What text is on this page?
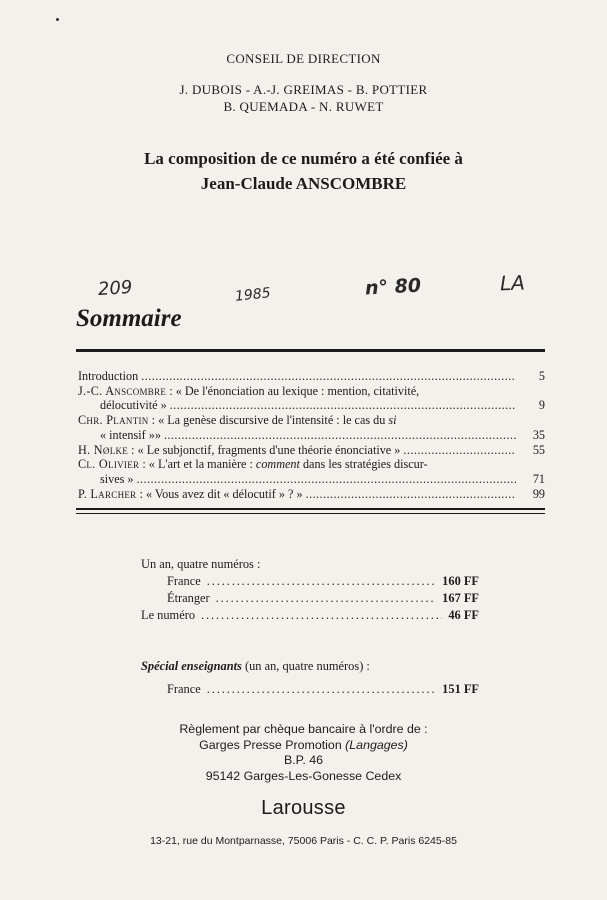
CONSEIL DE DIRECTION
J. DUBOIS - A.-J. GREIMAS - B. POTTIER
B. QUEMADA - N. RUWET
La composition de ce numéro a été confiée à
Jean-Claude ANSCOMBRE
209	1985	n° 80	LA
Sommaire
Introduction . . .	5
J.-C. Anscombre : « De l'énonciation au lexique : mention, citativité,
délocutivité » . . .	9
Chr. Plantin : « La genèse discursive de l'intensité : le cas du si
« intensif »» . . .	35
H. Nølke : « Le subjonctif, fragments d'une théorie énonciative » . . .	55
Cl. Olivier : « L'art et la manière : comment dans les stratégies discur-
sives » . . .	71
P. Larcher : « Vous avez dit « délocutif » ? » . . .	99
Un an, quatre numéros :
France . . .	160 FF
Étranger . . .	167 FF
Le numéro . . .	46 FF
Spécial enseignants (un an, quatre numéros) :
France . . .	151 FF
Règlement par chèque bancaire à l'ordre de :
Garges Presse Promotion (Langages)
B.P. 46
95142 Garges-Les-Gonesse Cedex
Larousse
13-21, rue du Montparnasse, 75006 Paris - C. C. P. Paris 6245-85
